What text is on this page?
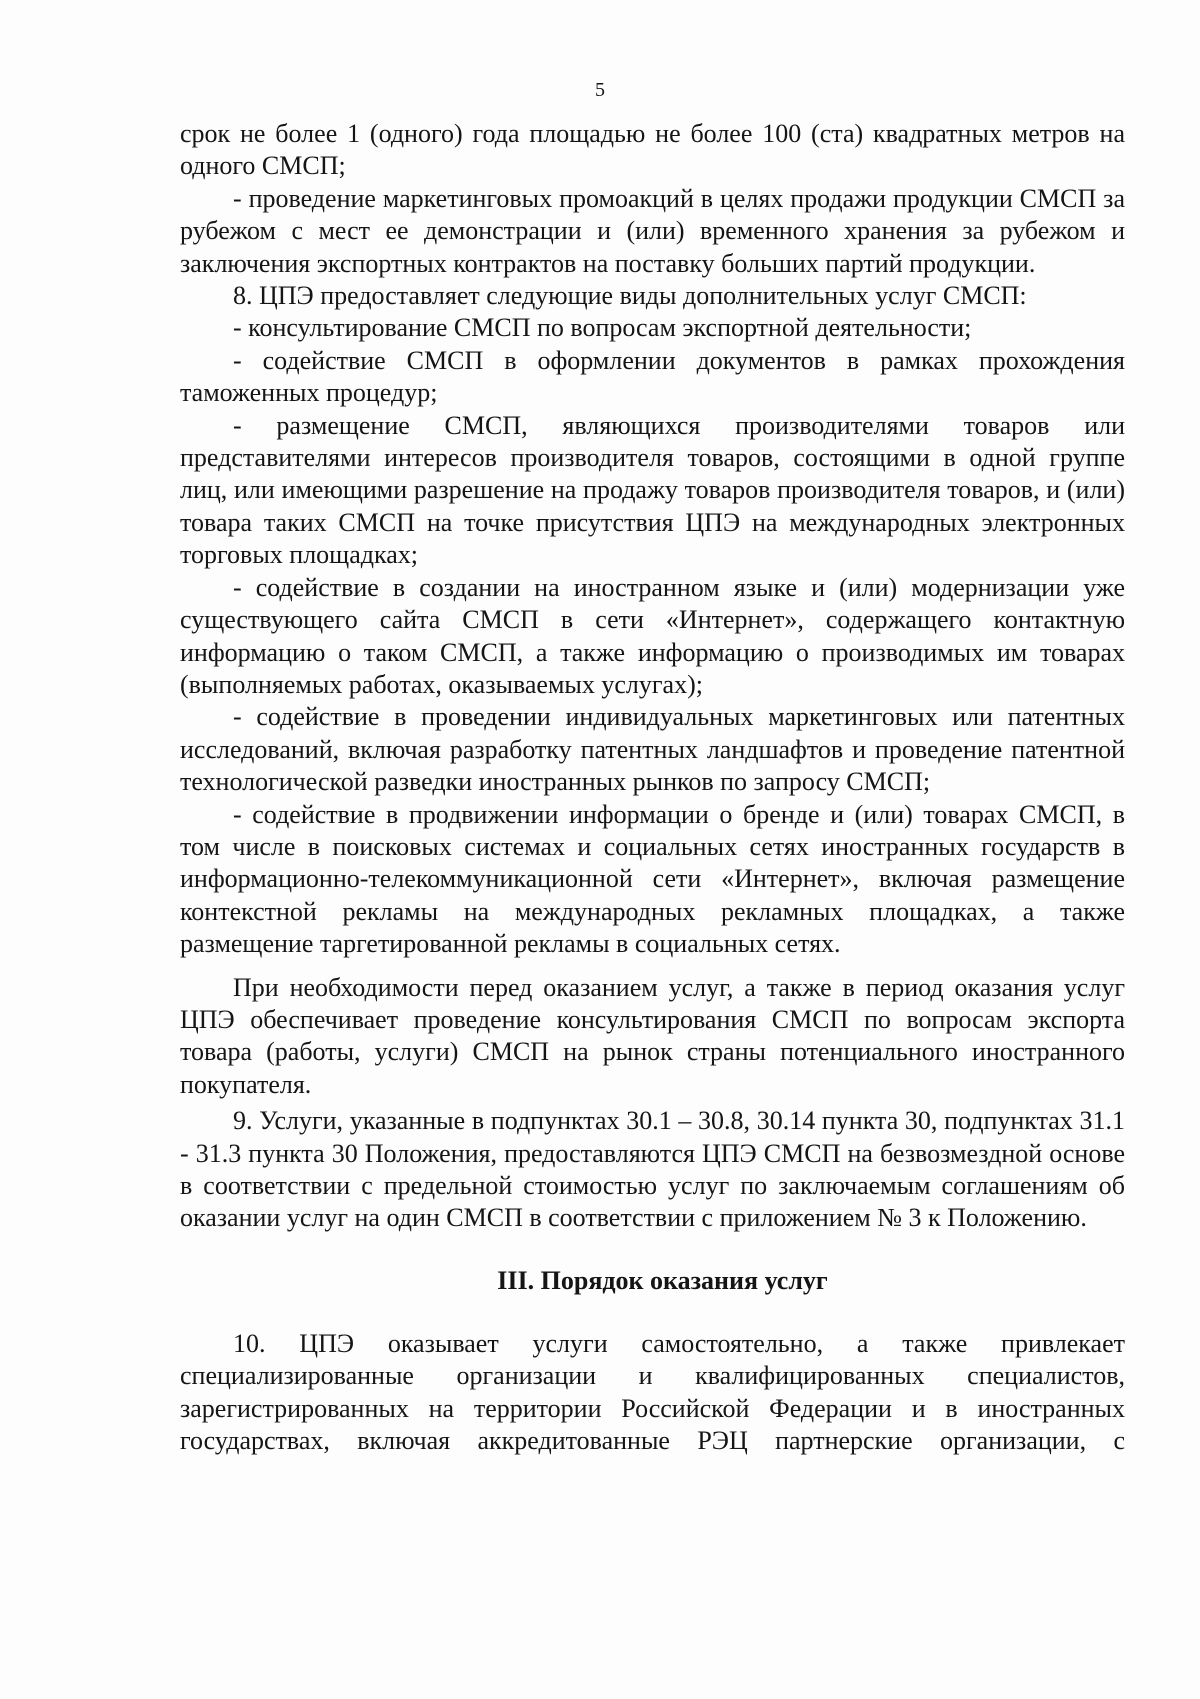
5

срок не более 1 (одного) года площадью не более 100 (ста) квадратных метров на одного СМСП;

- проведение маркетинговых промоакций в целях продажи продукции СМСП за рубежом с мест ее демонстрации и (или) временного хранения за рубежом и заключения экспортных контрактов на поставку больших партий продукции.

8. ЦПЭ предоставляет следующие виды дополнительных услуг СМСП:

- консультирование СМСП по вопросам экспортной деятельности;

- содействие СМСП в оформлении документов в рамках прохождения таможенных процедур;

- размещение СМСП, являющихся производителями товаров или представителями интересов производителя товаров, состоящими в одной группе лиц, или имеющими разрешение на продажу товаров производителя товаров, и (или) товара таких СМСП на точке присутствия ЦПЭ на международных электронных торговых площадках;

- содействие в создании на иностранном языке и (или) модернизации уже существующего сайта СМСП в сети «Интернет», содержащего контактную информацию о таком СМСП, а также информацию о производимых им товарах (выполняемых работах, оказываемых услугах);

- содействие в проведении индивидуальных маркетинговых или патентных исследований, включая разработку патентных ландшафтов и проведение патентной технологической разведки иностранных рынков по запросу СМСП;

- содействие в продвижении информации о бренде и (или) товарах СМСП, в том числе в поисковых системах и социальных сетях иностранных государств в информационно-телекоммуникационной сети «Интернет», включая размещение контекстной рекламы на международных рекламных площадках, а также размещение таргетированной рекламы в социальных сетях.

При необходимости перед оказанием услуг, а также в период оказания услуг ЦПЭ обеспечивает проведение консультирования СМСП по вопросам экспорта товара (работы, услуги) СМСП на рынок страны потенциального иностранного покупателя.

9. Услуги, указанные в подпунктах 30.1 – 30.8, 30.14 пункта 30, подпунктах 31.1 - 31.3 пункта 30 Положения, предоставляются ЦПЭ СМСП на безвозмездной основе в соответствии с предельной стоимостью услуг по заключаемым соглашениям об оказании услуг на один СМСП в соответствии с приложением № 3 к Положению.

III. Порядок оказания услуг

10. ЦПЭ оказывает услуги самостоятельно, а также привлекает специализированные организации и квалифицированных специалистов, зарегистрированных на территории Российской Федерации и в иностранных государствах, включая аккредитованные РЭЦ партнерские организации, с
